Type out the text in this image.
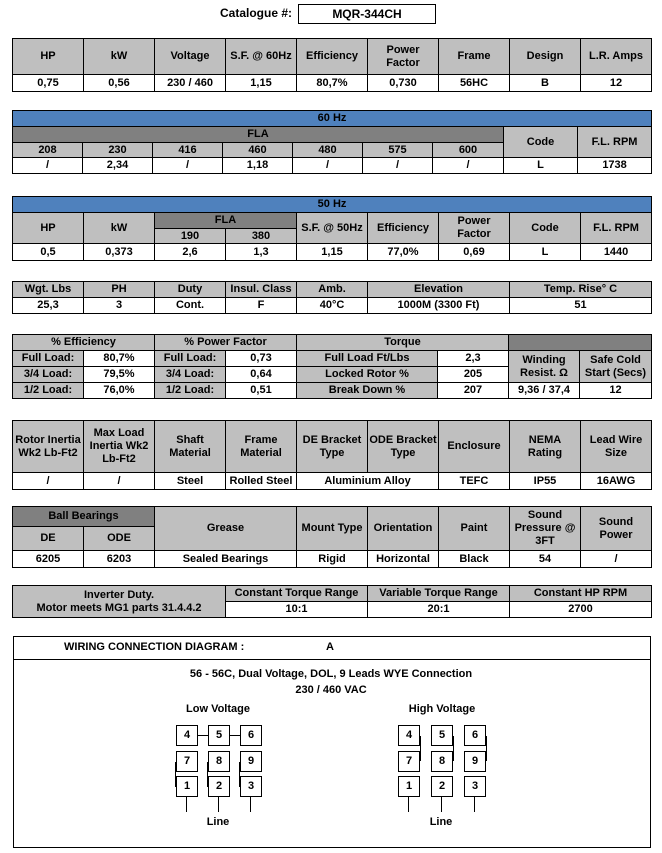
Catalogue #:	MQR-344CH
HP	kW	Voltage	S.F. @ 60Hz	Efficiency	Power Factor	Frame	Design	L.R. Amps
0,75	0,56	230 / 460	1,15	80,7%	0,730	56HC	B	12
60 Hz								
FLA							Code	F.L. RPM
208	230	416	460	480	575	600		
/	2,34	/	1,18	/	/	/	L	1738
50 Hz								
HP	kW	FLA		S.F. @ 50Hz	Efficiency	Power Factor	Code	F.L. RPM
		190	380					
0,5	0,373	2,6	1,3	1,15	77,0%	0,69	L	1440
Wgt. Lbs	PH	Duty	Insul. Class	Amb.	Elevation	Temp. Rise° C
25,3	3	Cont.	F	40°C	1000M (3300 Ft)	51
% Efficiency		% Power Factor		Torque			
Full Load:	80,7%	Full Load:	0,73	Full Load Ft/Lbs	2,3	Winding Resist. Ω	Safe Cold Start (Secs)
3/4 Load:	79,5%	3/4 Load:	0,64	Locked Rotor %	205		
1/2 Load:	76,0%	1/2 Load:	0,51	Break Down %	207	9,36 / 37,4	12
Rotor Inertia Wk2 Lb-Ft2	Max Load Inertia Wk2 Lb-Ft2	Shaft Material	Frame Material	DE Bracket Type	ODE Bracket Type	Enclosure	NEMA Rating	Lead Wire Size
/	/	Steel	Rolled Steel	Aluminium Alloy		TEFC	IP55	16AWG
Ball Bearings		Grease	Mount Type	Orientation	Paint	Sound Pressure @ 3FT	Sound Power
DE	ODE						
6205	6203	Sealed Bearings	Rigid	Horizontal	Black	54	/
Inverter Duty.
Motor meets MG1 parts 31.4.4.2	Constant Torque Range	Variable Torque Range	Constant HP RPM
	10:1	20:1	2700
WIRING CONNECTION DIAGRAM :	A
56 - 56C, Dual Voltage, DOL, 9 Leads WYE Connection
230 / 460 VAC
Low Voltage	High Voltage
4	5	6
7	8	9
1	2	3
Line
4	5	6
7	8	9
1	2	3
Line
